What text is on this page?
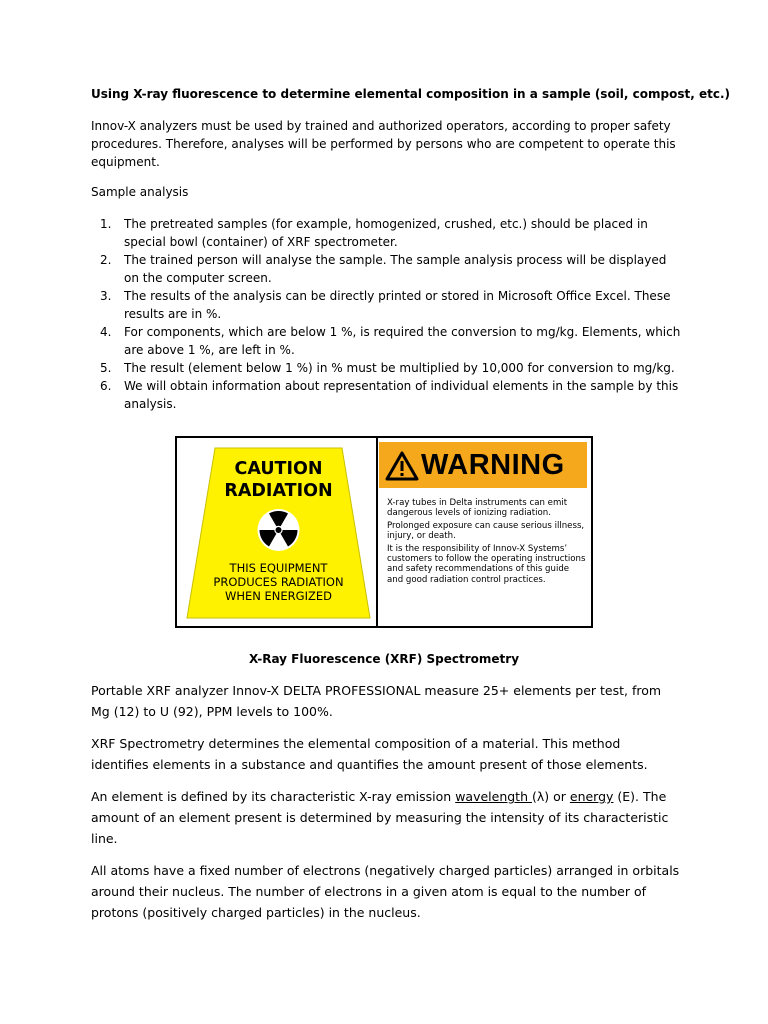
Using X-ray fluorescence to determine elemental composition in a sample (soil, compost, etc.)
Innov-X analyzers must be used by trained and authorized operators, according to proper safety procedures. Therefore, analyses will be performed by persons who are competent to operate this equipment.
Sample analysis
1. The pretreated samples (for example, homogenized, crushed, etc.) should be placed in special bowl (container) of XRF spectrometer.
2. The trained person will analyse the sample. The sample analysis process will be displayed on the computer screen.
3. The results of the analysis can be directly printed or stored in Microsoft Office Excel. These results are in %.
4. For components, which are below 1 %, is required the conversion to mg/kg. Elements, which are above 1 %, are left in %.
5. The result (element below 1 %) in % must be multiplied by 10,000 for conversion to mg/kg.
6. We will obtain information about representation of individual elements in the sample by this analysis.
CAUTION
RADIATION
THIS EQUIPMENT
PRODUCES RADIATION
WHEN ENERGIZED
WARNING

X-ray tubes in Delta instruments can emit dangerous levels of ionizing radiation.

Prolonged exposure can cause serious illness, injury, or death.

It is the responsibility of Innov-X Systems’ customers to follow the operating instructions and safety recommendations of this guide and good radiation control practices.

X-Ray Fluorescence (XRF) Spectrometry
Portable XRF analyzer Innov-X DELTA PROFESSIONAL measure 25+ elements per test, from Mg (12) to U (92), PPM levels to 100%.
XRF Spectrometry determines the elemental composition of a material. This method identifies elements in a substance and quantifies the amount present of those elements.
An element is defined by its characteristic X-ray emission wavelength (λ) or energy (E). The amount of an element present is determined by measuring the intensity of its characteristic line.
All atoms have a fixed number of electrons (negatively charged particles) arranged in orbitals around their nucleus. The number of electrons in a given atom is equal to the number of protons (positively charged particles) in the nucleus.
